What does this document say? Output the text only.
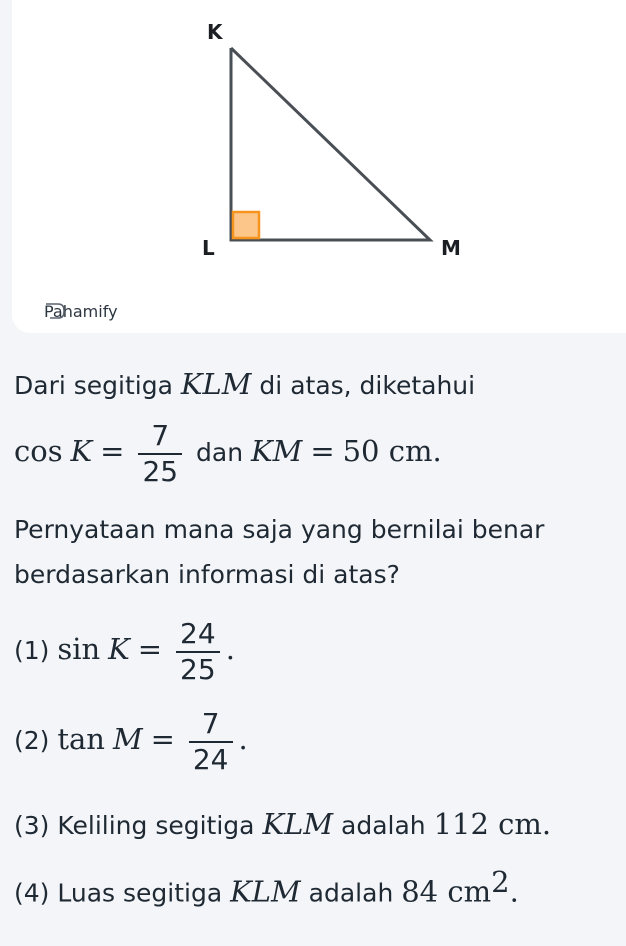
K
L	M
Pahamify
Dari segitiga KLM di atas, diketahui
$\cos K = \frac{7}{25}$ dan KM = 50 cm.
Pernyataan mana saja yang bernilai benar
berdasarkan informasi di atas?
(1) $\sin K = \frac{24}{25}$ .
(2) $\tan M = \frac{7}{24}$ .
(3) Keliling segitiga KLM adalah 112 cm.
(4) Luas segitiga KLM adalah 84 $cm^2$.
